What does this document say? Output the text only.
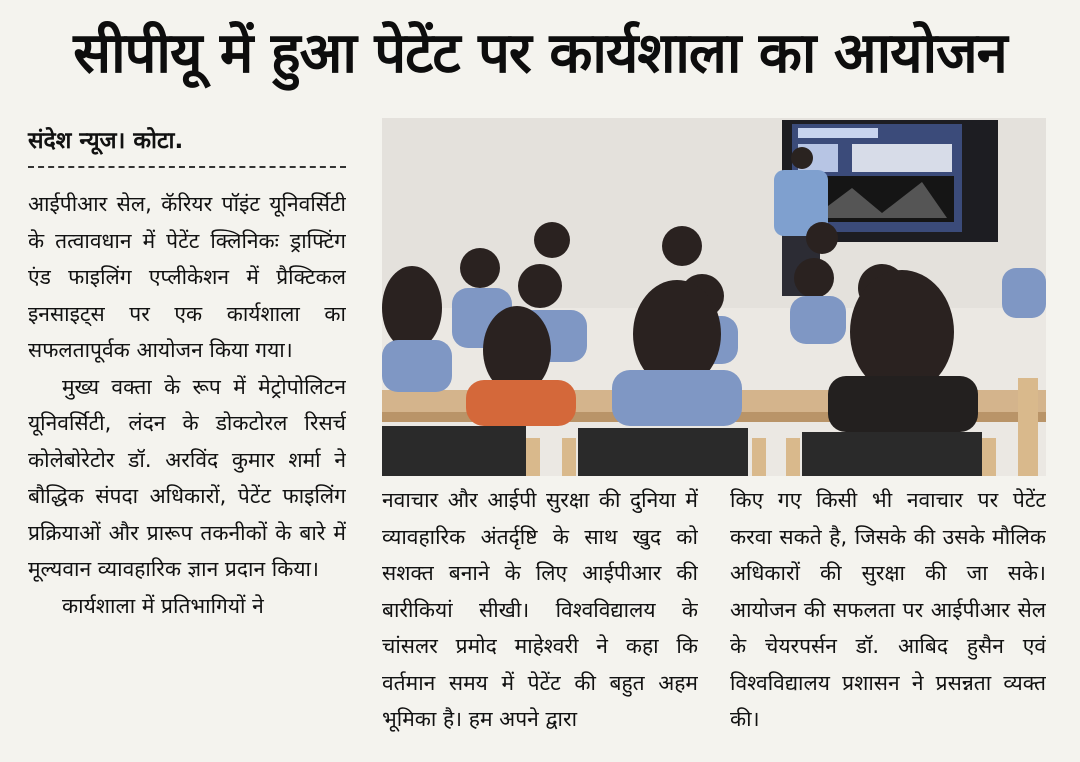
सीपीयू में हुआ पेटेंट पर कार्यशाला का आयोजन
संदेश न्यूज। कोटा.

आईपीआर सेल, कॅरियर पॉइंट यूनिवर्सिटी के तत्वावधान में पेटेंट क्लिनिकः ड्राफ्टिंग एंड फाइलिंग एप्लीकेशन में प्रैक्टिकल इनसाइट्स पर एक कार्यशाला का सफलतापूर्वक आयोजन किया गया।

मुख्य वक्ता के रूप में मेट्रोपोलिटन यूनिवर्सिटी, लंदन के डोकटोरल रिसर्च कोलेबोरेटोर डॉ. अरविंद कुमार शर्मा ने बौद्धिक संपदा अधिकारों, पेटेंट फाइलिंग प्रक्रियाओं और प्रारूप तकनीकों के बारे में मूल्यवान व्यावहारिक ज्ञान प्रदान किया।

कार्यशाला में प्रतिभागियों ने

नवाचार और आईपी सुरक्षा की दुनिया में व्यावहारिक अंतर्दृष्टि के साथ खुद को सशक्त बनाने के लिए आईपीआर की बारीकियां सीखी। विश्वविद्यालय के चांसलर प्रमोद माहेश्वरी ने कहा कि वर्तमान समय में पेटेंट की बहुत अहम भूमिका है। हम अपने द्वारा

किए गए किसी भी नवाचार पर पेटेंट करवा सकते है, जिसके की उसके मौलिक अधिकारों की सुरक्षा की जा सके। आयोजन की सफलता पर आईपीआर सेल के चेयरपर्सन डॉ. आबिद हुसैन एवं विश्वविद्यालय प्रशासन ने प्रसन्नता व्यक्त की।
